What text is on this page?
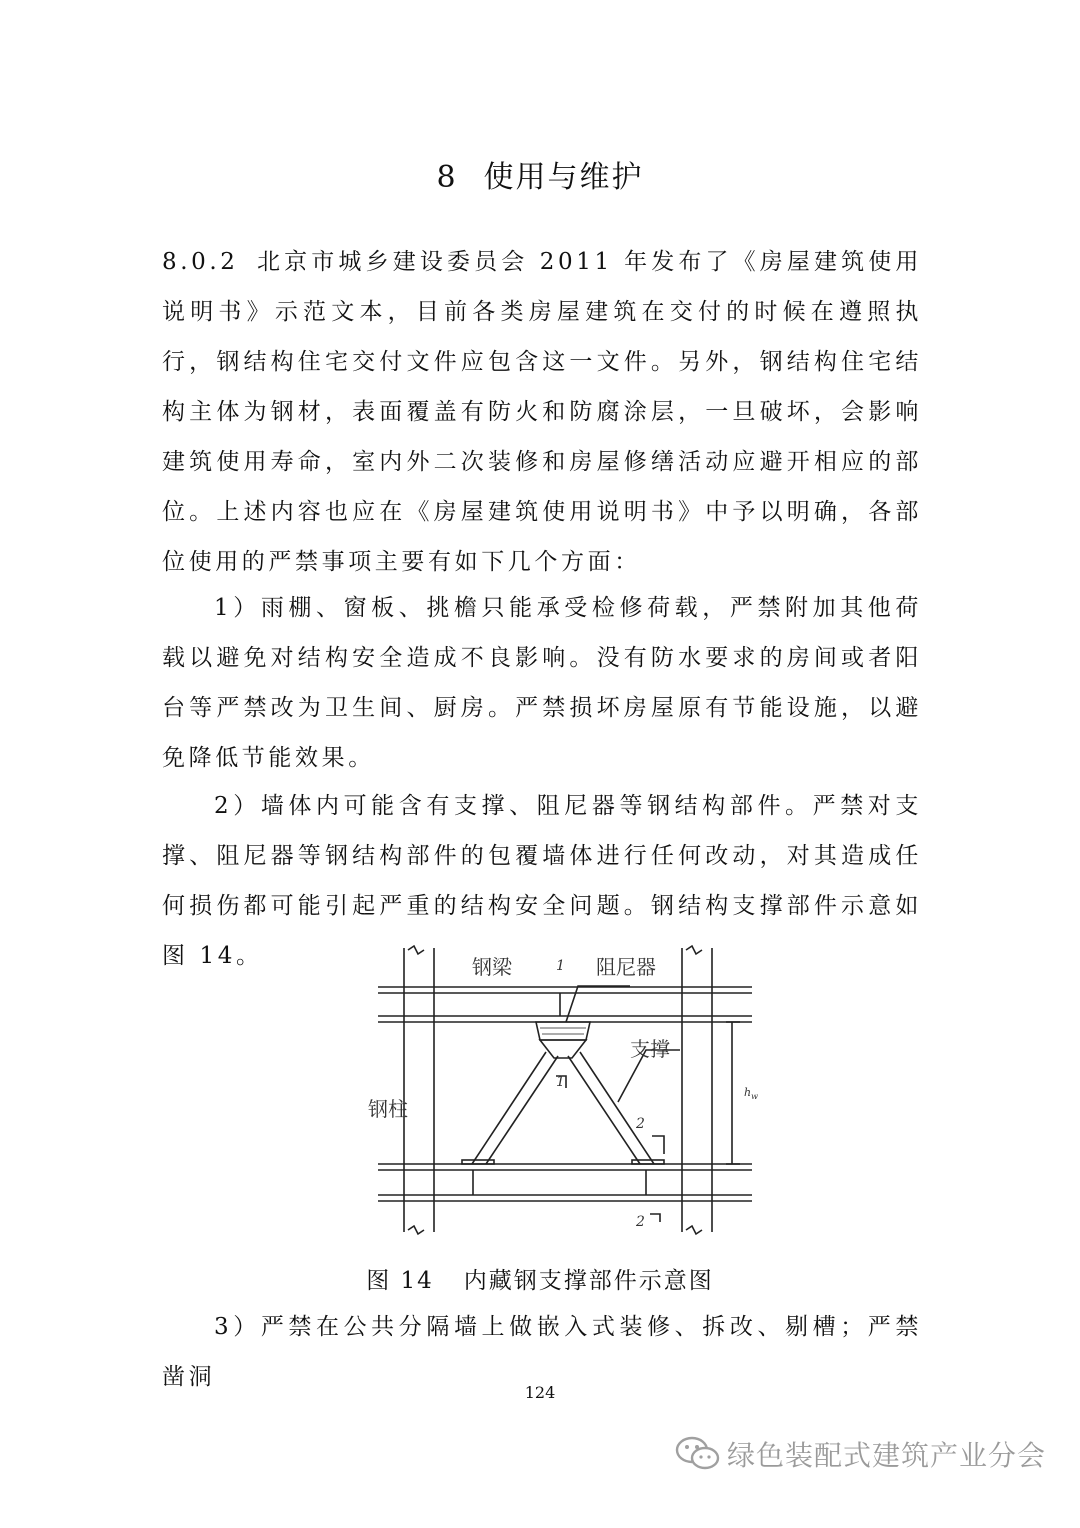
8 使用与维护

8.0.2 北京市城乡建设委员会 2011 年发布了《房屋建筑使用说明书》示范文本，目前各类房屋建筑在交付的时候在遵照执行，钢结构住宅交付文件应包含这一文件。另外，钢结构住宅结构主体为钢材，表面覆盖有防火和防腐涂层，一旦破坏，会影响建筑使用寿命，室内外二次装修和房屋修缮活动应避开相应的部位。上述内容也应在《房屋建筑使用说明书》中予以明确，各部位使用的严禁事项主要有如下几个方面：

1）雨棚、窗板、挑檐只能承受检修荷载，严禁附加其他荷载以避免对结构安全造成不良影响。没有防水要求的房间或者阳台等严禁改为卫生间、厨房。严禁损坏房屋原有节能设施，以避免降低节能效果。

2）墙体内可能含有支撑、阻尼器等钢结构部件。严禁对支撑、阻尼器等钢结构部件的包覆墙体进行任何改动，对其造成任何损伤都可能引起严重的结构安全问题。钢结构支撑部件示意如图 14。	钢梁	1 阻尼器
支撑
钢柱
1
2
2
$h_w$
图 14 内藏钢支撑部件示意图

3）严禁在公共分隔墙上做嵌入式装修、拆改、剔槽；严禁凿洞

124
绿色装配式建筑产业分会
